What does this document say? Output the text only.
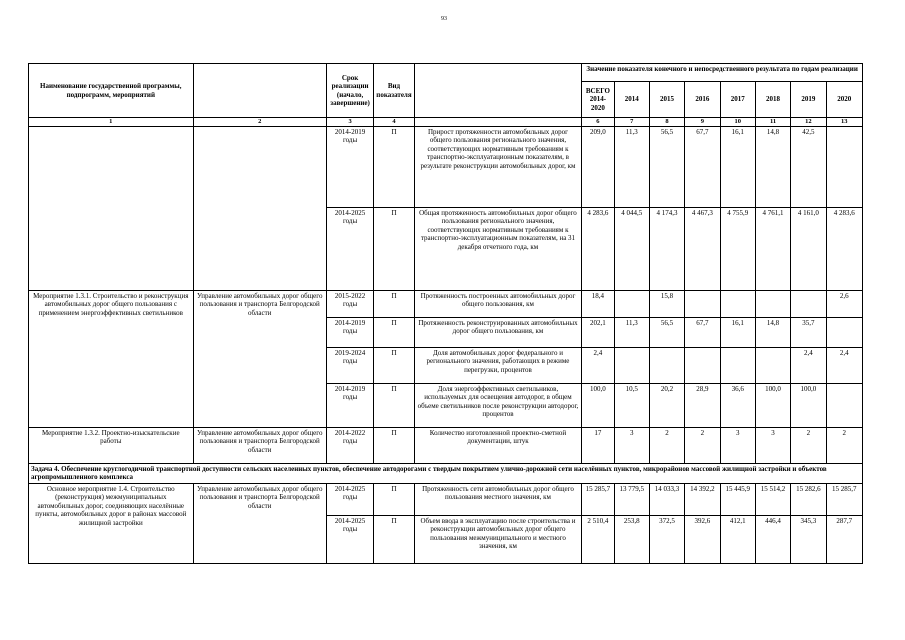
93
Наименование государственной программы, подпрограмм, мероприятий		Срок реализации (начало, завершение)	Вид показателя		Значение показателя конечного и непосредственного результата по годам реализации							
					ВСЕГО 2014-2020	2014	2015	2016	2017	2018	2019	2020
1	2	3	4		6	7	8	9	10	11	12	13
		2014-2019 годы	П	Прирост протяженности автомобильных дорог общего пользования регионального значения, соответствующих нормативным требованиям к транспортно-эксплуатационным показателям, в результате реконструкции автомобильных дорог, км	209,0	11,3	56,5	67,7	16,1	14,8	42,5	
		2014-2025 годы	П	Общая протяженность автомобильных дорог общего пользования регионального значения, соответствующих нормативным требованиям к транспортно-эксплуатационным показателям, на 31 декабря отчетного года, км	4 283,6	4 044,5	4 174,3	4 467,3	4 755,9	4 761,1	4 161,0	4 283,6
Мероприятие 1.3.1. Строительство и реконструкция автомобильных дорог общего пользования с применением энергоэффективных светильников	Управление автомобильных дорог общего пользования и транспорта Белгородской области	2015-2022 годы	П	Протяженность построенных автомобильных дорог общего пользования, км	18,4		15,8					2,6
		2014-2019 годы	П	Протяженность реконструированных автомобильных дорог общего пользования, км	202,1	11,3	56,5	67,7	16,1	14,8	35,7	
		2019-2024 годы	П	Доля автомобильных дорог федерального и регионального значения, работающих в режиме перегрузки, процентов	2,4						2,4	2,4
		2014-2019 годы	П	Доля энергоэффективных светильников, используемых для освещения автодорог, в общем объеме светильников после реконструкции автодорог, процентов	100,0	10,5	20,2	28,9	36,6	100,0	100,0	
Мероприятие 1.3.2. Проектно-изыскательские работы	Управление автомобильных дорог общего пользования и транспорта Белгородской области	2014-2022 годы	П	Количество изготовленной проектно-сметной документации, штук	17	3	2	2	3	3	2	2
Задача 4. Обеспечение круглогодичной транспортной доступности сельских населенных пунктов, обеспечение автодорогами с твердым покрытием улично-дорожной сети населённых пунктов, микрорайонов массовой жилищной застройки и объектов агропромышленного комплекса												
Основное мероприятие 1.4. Строительство (реконструкция) межмуниципальных автомобильных дорог, соединяющих населённые пункты, автомобильных дорог в районах массовой жилищной застройки	Управление автомобильных дорог общего пользования и транспорта Белгородской области	2014-2025 годы	П	Протяженность сети автомобильных дорог общего пользования местного значения, км	15 285,7	13 779,5	14 033,3	14 392,2	15 445,9	15 514,2	15 282,6	15 285,7
		2014-2025 годы	П	Объем ввода в эксплуатацию после строительства и реконструкции автомобильных дорог общего пользования межмуниципального и местного значения, км	2 510,4	253,8	372,5	392,6	412,1	446,4	345,3	287,7
